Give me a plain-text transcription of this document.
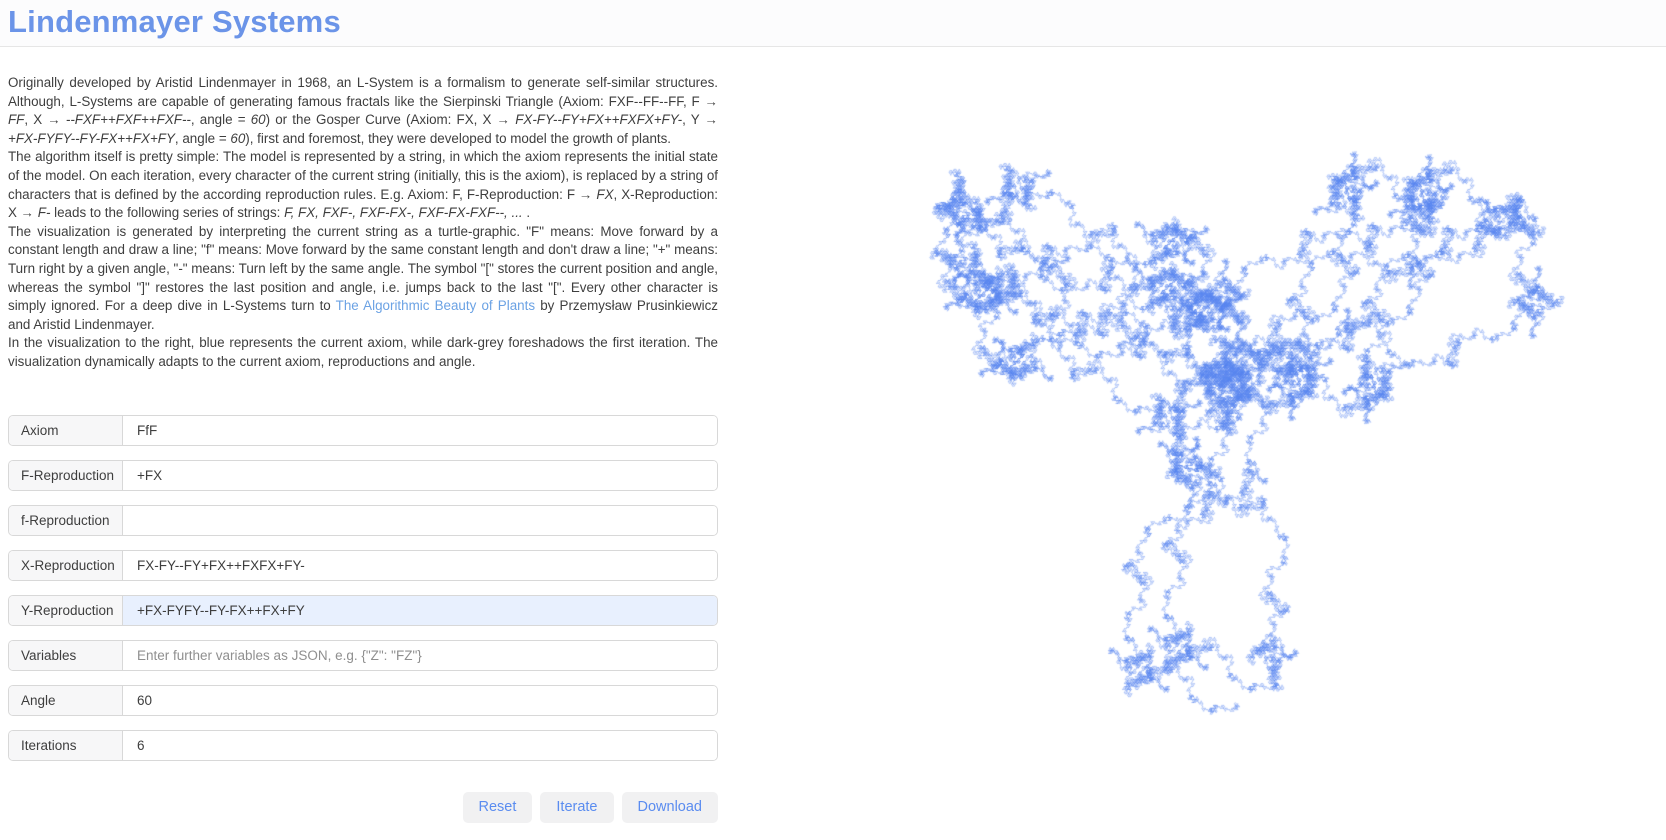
Lindenmayer Systems

Originally developed by Aristid Lindenmayer in 1968, an L-System is a formalism to generate self-similar structures. Although, L-Systems are capable of generating famous fractals like the Sierpinski Triangle (Axiom: FXF--FF--FF, F → FF, X → --FXF++FXF++FXF--, angle = 60) or the Gosper Curve (Axiom: FX, X → FX-FY--FY+FX++FXFX+FY-, Y → +FX-FYFY--FY-FX++FX+FY, angle = 60), first and foremost, they were developed to model the growth of plants.

The algorithm itself is pretty simple: The model is represented by a string, in which the axiom represents the initial state of the model. On each iteration, every character of the current string (initially, this is the axiom), is replaced by a string of characters that is defined by the according reproduction rules. E.g. Axiom: F, F-Reproduction: F → FX, X-Reproduction: X → F- leads to the following series of strings: F, FX, FXF-, FXF-FX-, FXF-FX-FXF--, ... .

The visualization is generated by interpreting the current string as a turtle-graphic. "F" means: Move forward by a constant length and draw a line; "f" means: Move forward by the same constant length and don't draw a line; "+" means: Turn right by a given angle, "-" means: Turn left by the same angle. The symbol "[" stores the current position and angle, whereas the symbol "]" restores the last position and angle, i.e. jumps back to the last "[". Every other character is simply ignored. For a deep dive in L-Systems turn to The Algorithmic Beauty of Plants by Przemysław Prusinkiewicz and Aristid Lindenmayer.

In the visualization to the right, blue represents the current axiom, while dark-grey foreshadows the first iteration. The visualization dynamically adapts to the current axiom, reproductions and angle.

Axiom
FfF
F-Reproduction
+FX
f-Reproduction
X-Reproduction
FX-FY--FY+FX++FXFX+FY-
Y-Reproduction
+FX-FYFY--FY-FX++FX+FY
Variables
Enter further variables as JSON, e.g. {"Z": "FZ"}
Angle
60
Iterations
6
Reset	Iterate	Download
